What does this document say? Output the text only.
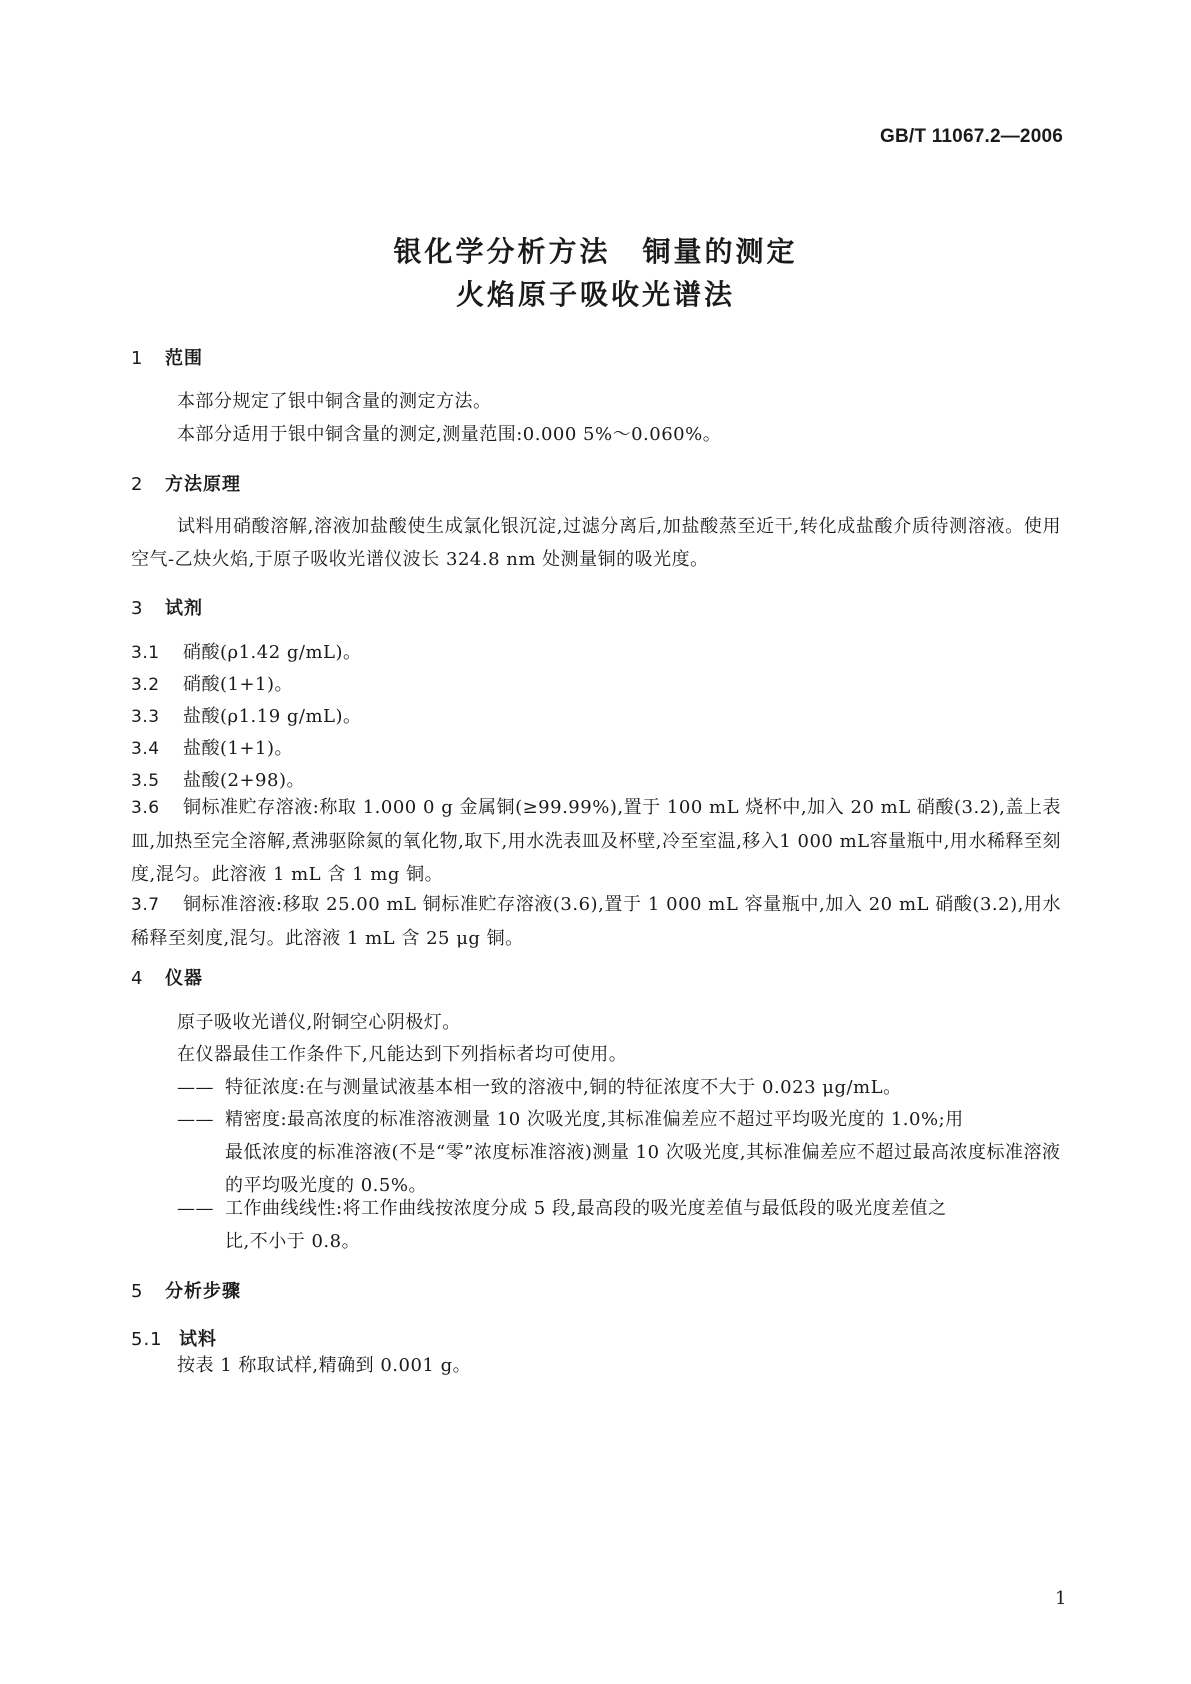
GB/T 11067.2—2006
银化学分析方法 铜量的测定
火焰原子吸收光谱法
1 范围
本部分规定了银中铜含量的测定方法。
本部分适用于银中铜含量的测定,测量范围:0.000 5%～0.060%。
2 方法原理
试料用硝酸溶解,溶液加盐酸使生成氯化银沉淀,过滤分离后,加盐酸蒸至近干,转化成盐酸介质待测溶液。使用空气-乙炔火焰,于原子吸收光谱仪波长 324.8 nm 处测量铜的吸光度。
3 试剂
3.1 硝酸(ρ1.42 g/mL)。
3.2 硝酸(1+1)。
3.3 盐酸(ρ1.19 g/mL)。
3.4 盐酸(1+1)。
3.5 盐酸(2+98)。
3.6 铜标准贮存溶液:称取 1.000 0 g 金属铜(≥99.99%),置于 100 mL 烧杯中,加入 20 mL 硝酸(3.2),盖上表皿,加热至完全溶解,煮沸驱除氮的氧化物,取下,用水洗表皿及杯壁,冷至室温,移入1 000 mL容量瓶中,用水稀释至刻度,混匀。此溶液 1 mL 含 1 mg 铜。
3.7 铜标准溶液:移取 25.00 mL 铜标准贮存溶液(3.6),置于 1 000 mL 容量瓶中,加入 20 mL 硝酸(3.2),用水稀释至刻度,混匀。此溶液 1 mL 含 25 μg 铜。
4 仪器
原子吸收光谱仪,附铜空心阴极灯。
在仪器最佳工作条件下,凡能达到下列指标者均可使用。
—— 特征浓度:在与测量试液基本相一致的溶液中,铜的特征浓度不大于 0.023 μg/mL。
—— 精密度:最高浓度的标准溶液测量 10 次吸光度,其标准偏差应不超过平均吸光度的 1.0%;用
最低浓度的标准溶液(不是“零”浓度标准溶液)测量 10 次吸光度,其标准偏差应不超过最高浓度标准溶液的平均吸光度的 0.5%。
—— 工作曲线线性:将工作曲线按浓度分成 5 段,最高段的吸光度差值与最低段的吸光度差值之
比,不小于 0.8。
5 分析步骤
5.1 试料
按表 1 称取试样,精确到 0.001 g。
1
